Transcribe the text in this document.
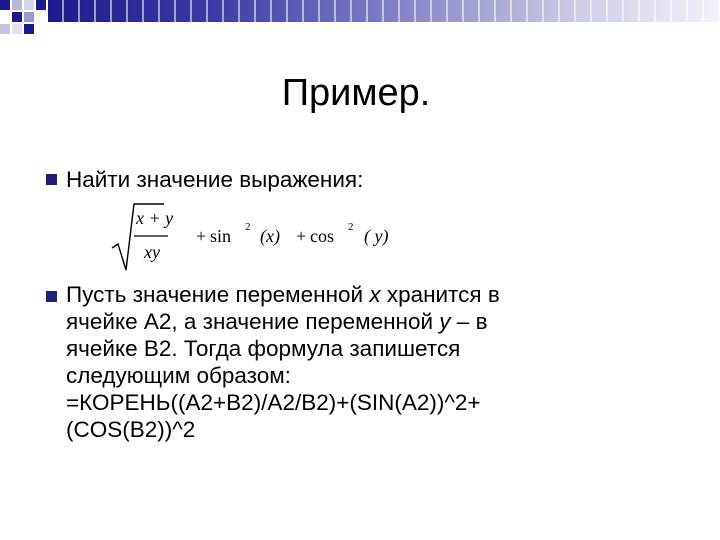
Пример.
Найти значение выражения:
x + y
xy
+ sin 2 (x) + cos 2 ( y)
Пусть значение переменной x хранится в
ячейке А2, а значение переменной y – в
ячейке В2. Тогда формула запишется
следующим образом:
=КОРЕНЬ((A2+B2)/A2/B2)+(SIN(A2))^2+
(COS(B2))^2
